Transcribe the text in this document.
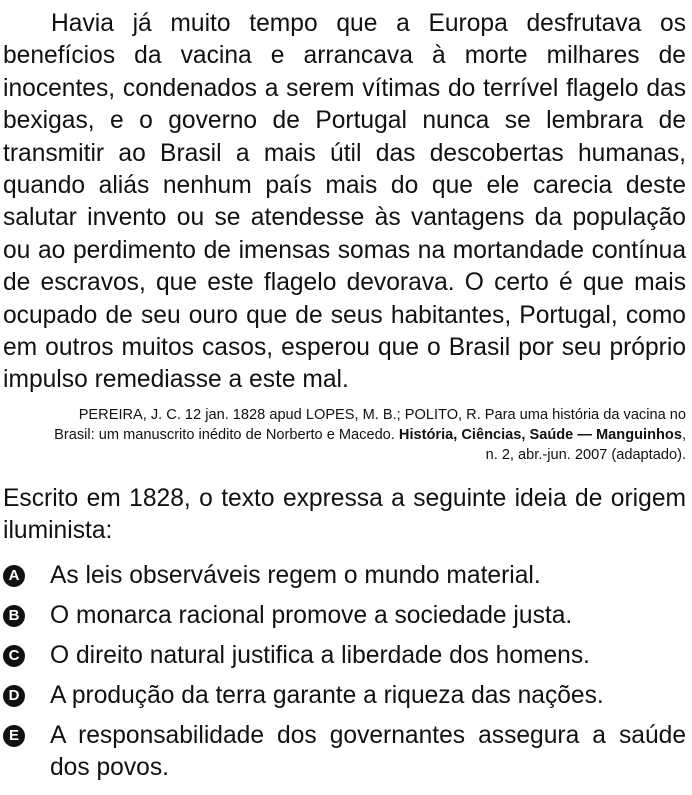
Havia já muito tempo que a Europa desfrutava os benefícios da vacina e arrancava à morte milhares de inocentes, condenados a serem vítimas do terrível flagelo das bexigas, e o governo de Portugal nunca se lembrara de transmitir ao Brasil a mais útil das descobertas humanas, quando aliás nenhum país mais do que ele carecia deste salutar invento ou se atendesse às vantagens da população ou ao perdimento de imensas somas na mortandade contínua de escravos, que este flagelo devorava. O certo é que mais ocupado de seu ouro que de seus habitantes, Portugal, como em outros muitos casos, esperou que o Brasil por seu próprio impulso remediasse a este mal.

PEREIRA, J. C. 12 jan. 1828 apud LOPES, M. B.; POLITO, R. Para uma história da vacina no Brasil: um manuscrito inédito de Norberto e Macedo. História, Ciências, Saúde — Manguinhos, n. 2, abr.-jun. 2007 (adaptado).

Escrito em 1828, o texto expressa a seguinte ideia de origem iluminista:

A As leis observáveis regem o mundo material.
B O monarca racional promove a sociedade justa.
C O direito natural justifica a liberdade dos homens.
D A produção da terra garante a riqueza das nações.
E A responsabilidade dos governantes assegura a saúde dos povos.
